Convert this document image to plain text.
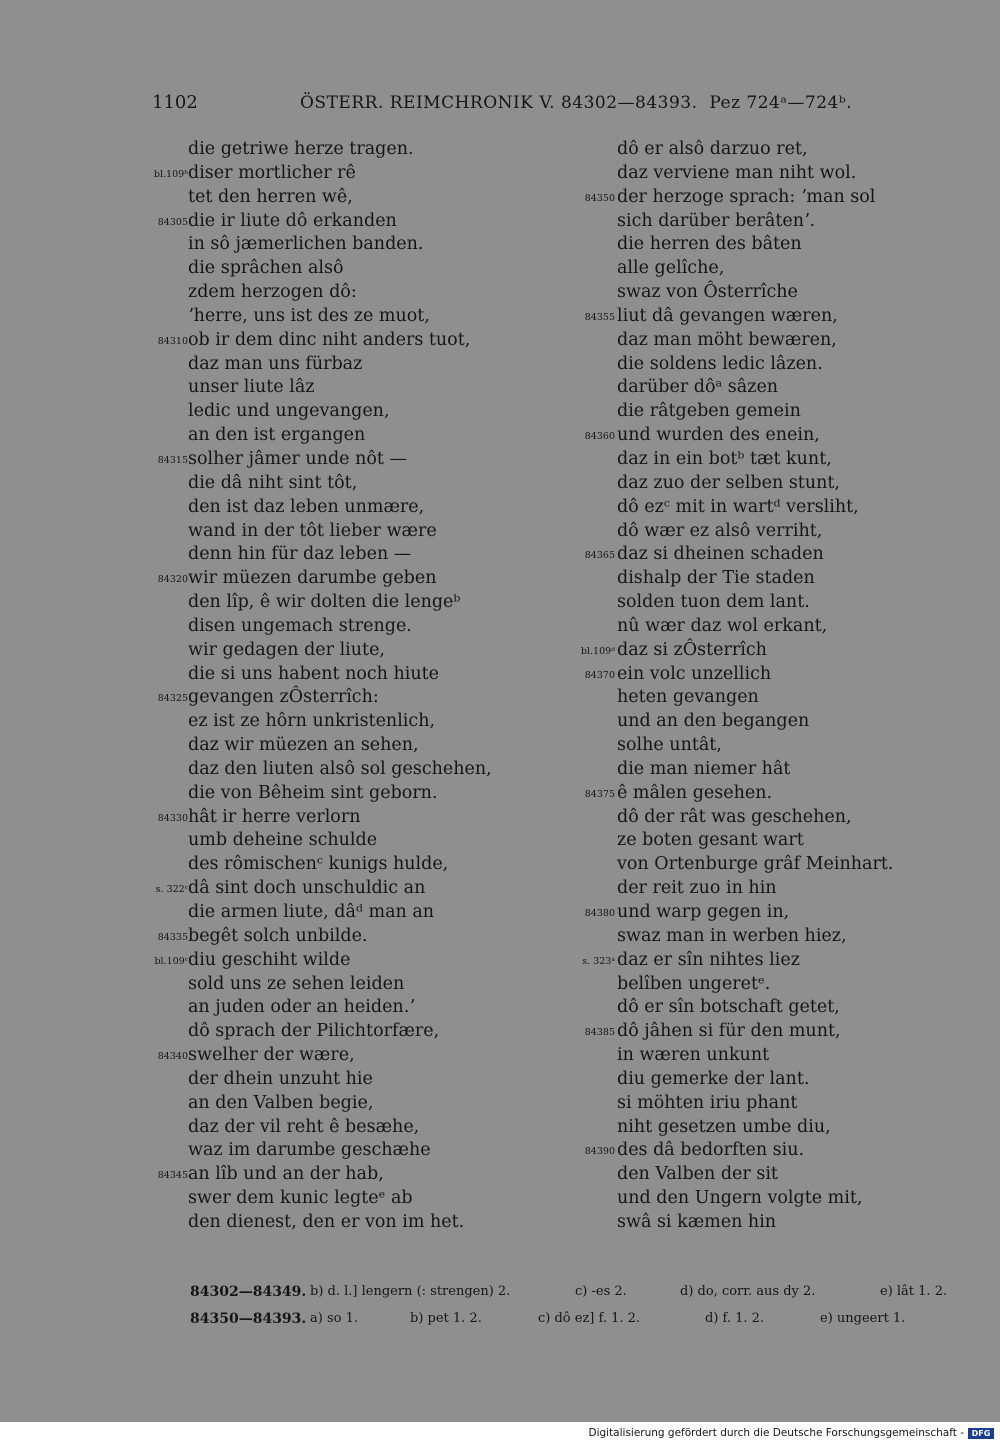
1102	ÖSTERR. REIMCHRONIK V. 84302—84393. Pez 724ᵃ—724ᵇ.
die getriwe herze tragen.
bl.109ᵇ diser mortlicher rê
tet den herren wê,
84305 die ir liute dô erkanden
in sô jæmerlichen banden.
die sprâchen alsô
zdem herzogen dô:
ʼherre, uns ist des ze muot,
84310 ob ir dem dinc niht anders tuot,
daz man uns fürbaz
unser liute lâz
ledic und ungevangen,
an den ist ergangen
84315 solher jâmer unde nôt —
die dâ niht sint tôt,
den ist daz leben unmære,
wand in der tôt lieber wære
denn hin für daz leben —
84320 wir müezen darumbe geben
den lîp, ê wir dolten die lengeᵇ
disen ungemach strenge.
wir gedagen der liute,
die si uns habent noch hiute
84325 gevangen zÔsterrîch:
ez ist ze hôrn unkristenlich,
daz wir müezen an sehen,
daz den liuten alsô sol geschehen,
die von Bêheim sint geborn.
84330 hât ir herre verlorn
umb deheine schulde
des rômischenᶜ kunigs hulde,
s. 322ᶜ dâ sint doch unschuldic an
die armen liute, dâᵈ man an
84335 begêt solch unbilde.
bl.109ᶜ diu geschiht wilde
sold uns ze sehen leiden
an juden oder an heiden.ʼ
dô sprach der Pilichtorfære,
84340 swelher der wære,
der dhein unzuht hie
an den Valben begie,
daz der vil reht ê besæhe,
waz im darumbe geschæhe
84345 an lîb und an der hab,
swer dem kunic legteᵉ ab
den dienest, den er von im het.
dô er alsô darzuo ret,
daz verviene man niht wol.
84350 der herzoge sprach: ʼman sol
sich darüber berâtenʼ.
die herren des bâten
alle gelîche,
swaz von Ôsterrîche
84355 liut dâ gevangen wæren,
daz man möht bewæren,
die soldens ledic lâzen.
darüber dôᵃ sâzen
die râtgeben gemein
84360 und wurden des enein,
daz in ein botᵇ tæt kunt,
daz zuo der selben stunt,
dô ezᶜ mit in wartᵈ versliht,
dô wær ez alsô verriht,
84365 daz si dheinen schaden
dishalp der Tie staden
solden tuon dem lant.
nû wær daz wol erkant,
bl.109ᵈ daz si zÔsterrîch
84370 ein volc unzellich
heten gevangen
und an den begangen
solhe untât,
die man niemer hât
84375 ê mâlen gesehen.
dô der rât was geschehen,
ze boten gesant wart
von Ortenburge grâf Meinhart.
der reit zuo in hin
84380 und warp gegen in,
swaz man in werben hiez,
s. 323ᵃ daz er sîn nihtes liez
belîben ungeretᵉ.
dô er sîn botschaft getet,
84385 dô jâhen si für den munt,
in wæren unkunt
diu gemerke der lant.
si möhten iriu phant
niht gesetzen umbe diu,
84390 des dâ bedorften siu.
den Valben der sit
und den Ungern volgte mit,
swâ si kæmen hin
84302—84349. b) d. l.] lengern (: strengen) 2.	c) -es 2.	d) do, corr. aus dy 2.	e) lât 1. 2.
84350—84393. a) so 1.	b) pet 1. 2.	c) dô ez] f. 1. 2.	d) f. 1. 2.	e) ungeert 1.
Digitalisierung gefördert durch die Deutsche Forschungsgemeinschaft - DFG
